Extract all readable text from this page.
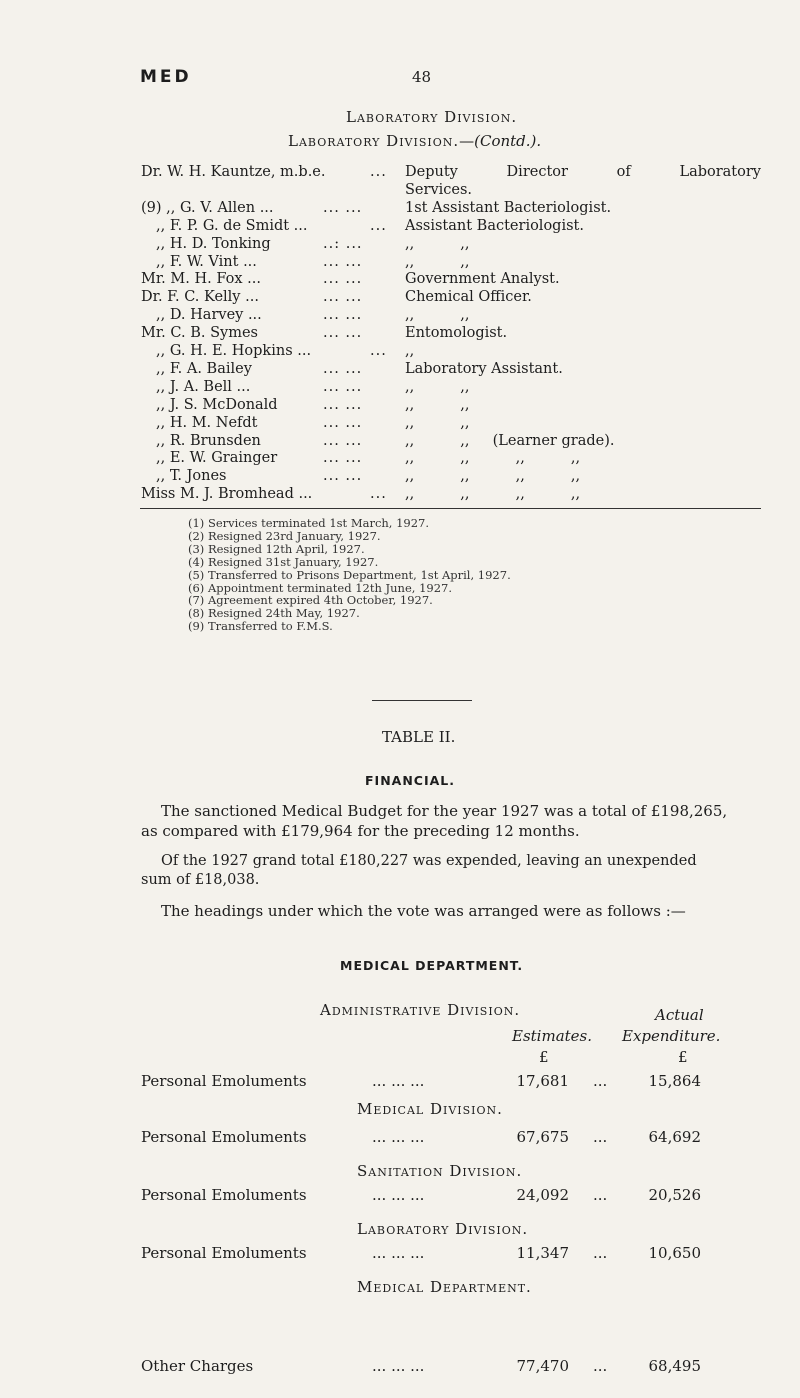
MED	48
Laboratory Division.
Laboratory Division.—(Contd.).
Dr. W. H. Kauntze, m.b.e.	... Deputy Director of Laboratory
Services.
(9) ,, G. V. Allen ...	... ...	1st Assistant Bacteriologist.
,, F. P. G. de Smidt ...	... Assistant Bacteriologist.
,, H. D. Tonking	..: ...	,,          ,,
,, F. W. Vint ...	... ...	,,          ,,
Mr. M. H. Fox ...	... ...	Government Analyst.
Dr. F. C. Kelly ...	... ...	Chemical Officer.
,, D. Harvey ...	... ...	,,          ,,
Mr. C. B. Symes	... ...	Entomologist.
,, G. H. E. Hopkins ...	... ,,
,, F. A. Bailey	... ...	Laboratory Assistant.
,, J. A. Bell ...	... ...	,,          ,,
,, J. S. McDonald	... ...	,,          ,,
,, H. M. Nefdt	... ...	,,          ,,
,, R. Brunsden	... ...	,,          ,,     (Learner grade).
,, E. W. Grainger	... ...	,,          ,,          ,,          ,,
,, T. Jones	... ...	,,          ,,          ,,          ,,
Miss M. J. Bromhead ...	... ,,          ,,          ,,          ,,
(1) Services terminated 1st March, 1927.
(2) Resigned 23rd January, 1927.
(3) Resigned 12th April, 1927.
(4) Resigned 31st January, 1927.
(5) Transferred to Prisons Department, 1st April, 1927.
(6) Appointment terminated 12th June, 1927.
(7) Agreement expired 4th October, 1927.
(8) Resigned 24th May, 1927.
(9) Transferred to F.M.S.
TABLE II.
FINANCIAL.
The sanctioned Medical Budget for the year 1927 was a total of £198,265,
as compared with £179,964 for the preceding 12 months.
Of the 1927 grand total £180,227 was expended, leaving an unexpended
sum of £18,038.
The headings under which the vote was arranged were as follows :—
MEDICAL DEPARTMENT.
Actual
Estimates. Expenditure.
£	£
Administrative Division.
Personal Emoluments	... ... ...	17,681 ...	15,864
Medical Division.
Personal Emoluments	... ... ...	67,675 ...	64,692
Sanitation Division.
Personal Emoluments	... ... ...	24,092 ...	20,526
Laboratory Division.
Personal Emoluments	... ... ...	11,347 ...	10,650
Medical Department.
Other Charges	... ... ...	77,470 ...	68,495
